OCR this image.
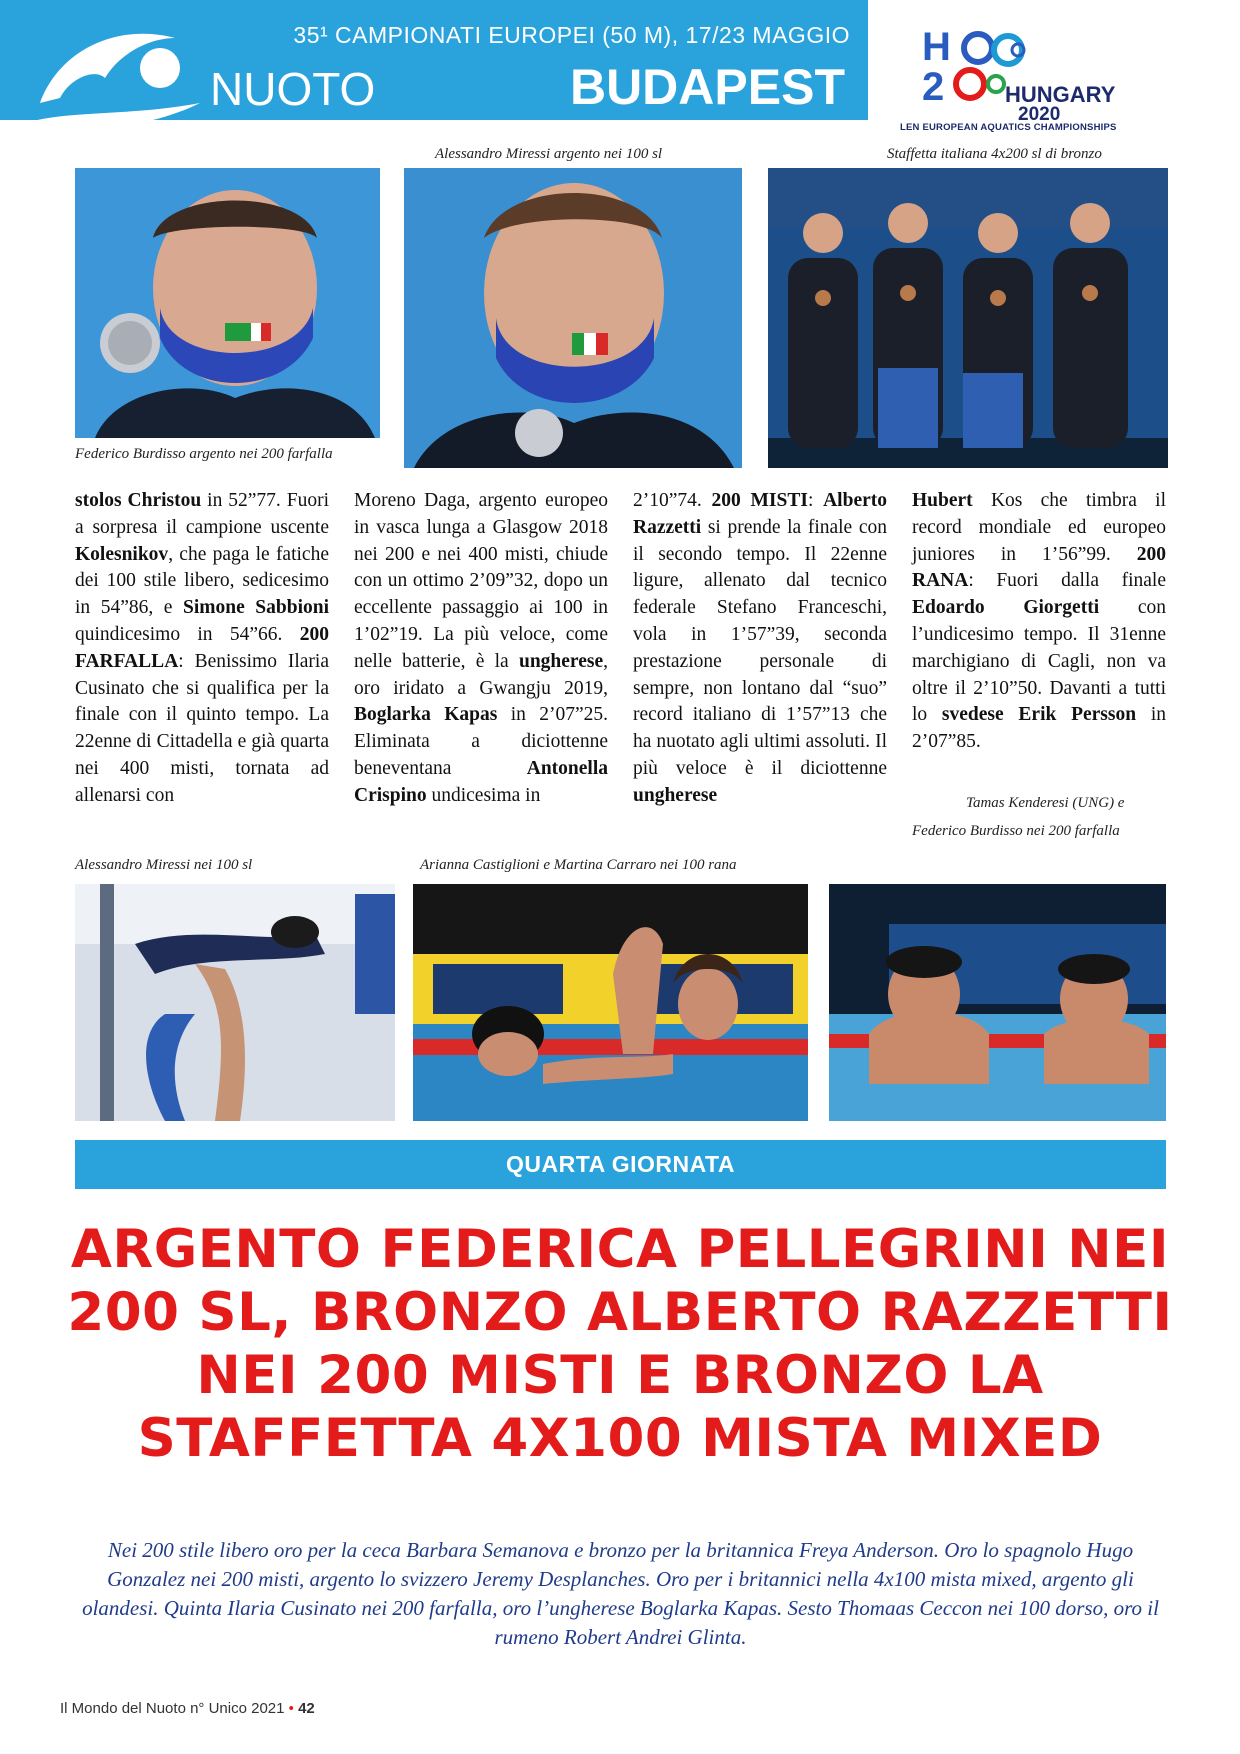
35¹ CAMPIONATI EUROPEI (50 M), 17/23 MAGGIO
NUOTO	BUDAPEST
H
2	HUNGARY
2020
LEN EUROPEAN AQUATICS CHAMPIONSHIPS
Alessandro Miressi argento nei 100 sl	Staffetta italiana 4x200 sl di bronzo
Federico Burdisso argento nei 200 farfalla
stolos Christou in 52”77. Fuori a sorpresa il campione uscente Kolesnikov, che paga le fatiche dei 100 stile libero, sedicesimo in 54”86, e Simone Sabbioni quindicesimo in 54”66. 200 FARFALLA: Benissimo Ilaria Cusinato che si qualifica per la finale con il quinto tempo. La 22enne di Cittadella e già quarta nei 400 misti, tornata ad allenarsi con
Moreno Daga, argento europeo in vasca lunga a Glasgow 2018 nei 200 e nei 400 misti, chiude con un ottimo 2’09”32, dopo un eccellente passaggio ai 100 in 1’02”19. La più veloce, come nelle batterie, è la ungherese, oro iridato a Gwangju 2019, Boglarka Kapas in 2’07”25. Eliminata a diciottenne beneventana Antonella Crispino undicesima in
2’10”74. 200 MISTI: Alberto Razzetti si prende la finale con il secondo tempo. Il 22enne ligure, allenato dal tecnico federale Stefano Franceschi, vola in 1’57”39, seconda prestazione personale di sempre, non lontano dal “suo” record italiano di 1’57”13 che ha nuotato agli ultimi assoluti. Il più veloce è il diciottenne ungherese
Hubert Kos che timbra il record mondiale ed europeo juniores in 1’56”99. 200 RANA: Fuori dalla finale Edoardo Giorgetti con l’undicesimo tempo. Il 31enne marchigiano di Cagli, non va oltre il 2’10”50. Davanti a tutti lo svedese Erik Persson in 2’07”85.
Tamas Kenderesi (UNG) e
Federico Burdisso nei 200 farfalla
Alessandro Miressi nei 100 sl	Arianna Castiglioni e Martina Carraro nei 100 rana
QUARTA GIORNATA
ARGENTO FEDERICA PELLEGRINI NEI 200 SL, BRONZO ALBERTO RAZZETTI NEI 200 MISTI E BRONZO LA STAFFETTA 4X100 MISTA MIXED
Nei 200 stile libero oro per la ceca Barbara Semanova e bronzo per la britannica Freya Anderson. Oro lo spagnolo Hugo Gonzalez nei 200 misti, argento lo svizzero Jeremy Desplanches. Oro per i britannici nella 4x100 mista mixed, argento gli olandesi. Quinta Ilaria Cusinato nei 200 farfalla, oro l’ungherese Boglarka Kapas. Sesto Thomaas Ceccon nei 100 dorso, oro il rumeno Robert Andrei Glintа.
Il Mondo del Nuoto n° Unico 2021 • 42
